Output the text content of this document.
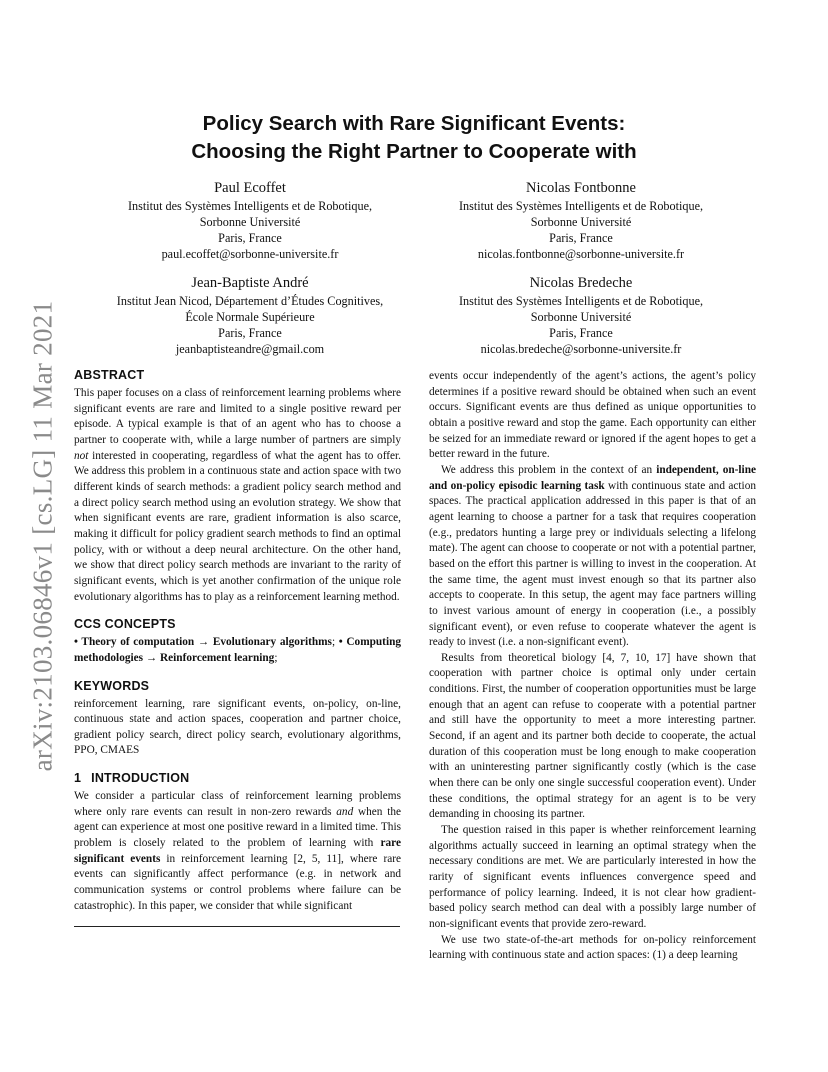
arXiv:2103.06846v1 [cs.LG] 11 Mar 2021
Policy Search with Rare Significant Events:
Choosing the Right Partner to Cooperate with
Paul Ecoffet
Institut des Systèmes Intelligents et de Robotique,
Sorbonne Université
Paris, France
paul.ecoffet@sorbonne-universite.fr
Nicolas Fontbonne
Institut des Systèmes Intelligents et de Robotique,
Sorbonne Université
Paris, France
nicolas.fontbonne@sorbonne-universite.fr
Jean-Baptiste André
Institut Jean Nicod, Département d’Études Cognitives,
École Normale Supérieure
Paris, France
jeanbaptisteandre@gmail.com
Nicolas Bredeche
Institut des Systèmes Intelligents et de Robotique,
Sorbonne Université
Paris, France
nicolas.bredeche@sorbonne-universite.fr
ABSTRACT

This paper focuses on a class of reinforcement learning problems where significant events are rare and limited to a single positive reward per episode. A typical example is that of an agent who has to choose a partner to cooperate with, while a large number of partners are simply not interested in cooperating, regardless of what the agent has to offer. We address this problem in a continuous state and action space with two different kinds of search methods: a gradient policy search method and a direct policy search method using an evolution strategy. We show that when significant events are rare, gradient information is also scarce, making it difficult for policy gradient search methods to find an optimal policy, with or without a deep neural architecture. On the other hand, we show that direct policy search methods are invariant to the rarity of significant events, which is yet another confirmation of the unique role evolutionary algorithms has to play as a reinforcement learning method.

CCS CONCEPTS

• Theory of computation → Evolutionary algorithms; • Computing methodologies → Reinforcement learning;

KEYWORDS

reinforcement learning, rare significant events, on-policy, on-line, continuous state and action spaces, cooperation and partner choice, gradient policy search, direct policy search, evolutionary algorithms, PPO, CMAES

1 INTRODUCTION

We consider a particular class of reinforcement learning problems where only rare events can result in non-zero rewards and when the agent can experience at most one positive reward in a limited time. This problem is closely related to the problem of learning with rare significant events in reinforcement learning [2, 5, 11], where rare events can significantly affect performance (e.g. in network and communication systems or control problems where failure can be catastrophic). In this paper, we consider that while significant

events occur independently of the agent’s actions, the agent’s policy determines if a positive reward should be obtained when such an event occurs. Significant events are thus defined as unique opportunities to obtain a positive reward and stop the game. Each opportunity can either be seized for an immediate reward or ignored if the agent hopes to get a better reward in the future.

We address this problem in the context of an independent, on-line and on-policy episodic learning task with continuous state and action spaces. The practical application addressed in this paper is that of an agent learning to choose a partner for a task that requires cooperation (e.g., predators hunting a large prey or individuals selecting a lifelong mate). The agent can choose to cooperate or not with a potential partner, based on the effort this partner is willing to invest in the cooperation. At the same time, the agent must invest enough so that its partner also accepts to cooperate. In this setup, the agent may face partners willing to invest various amount of energy in cooperation (i.e., a possibly significant event), or even refuse to cooperate whatever the agent is ready to invest (i.e. a non-significant event).

Results from theoretical biology [4, 7, 10, 17] have shown that cooperation with partner choice is optimal only under certain conditions. First, the number of cooperation opportunities must be large enough that an agent can refuse to cooperate with a potential partner and still have the opportunity to meet a more interesting partner. Second, if an agent and its partner both decide to cooperate, the actual duration of this cooperation must be long enough to make cooperation with an uninteresting partner significantly costly (which is the case when there can be only one single successful cooperation event). Under these conditions, the optimal strategy for an agent is to be very demanding in choosing its partner.

The question raised in this paper is whether reinforcement learning algorithms actually succeed in learning an optimal strategy when the necessary conditions are met. We are particularly interested in how the rarity of significant events influences convergence speed and performance of policy learning. Indeed, it is not clear how gradient-based policy search method can deal with a possibly large number of non-significant events that provide zero-reward.

We use two state-of-the-art methods for on-policy reinforcement learning with continuous state and action spaces: (1) a deep learning
